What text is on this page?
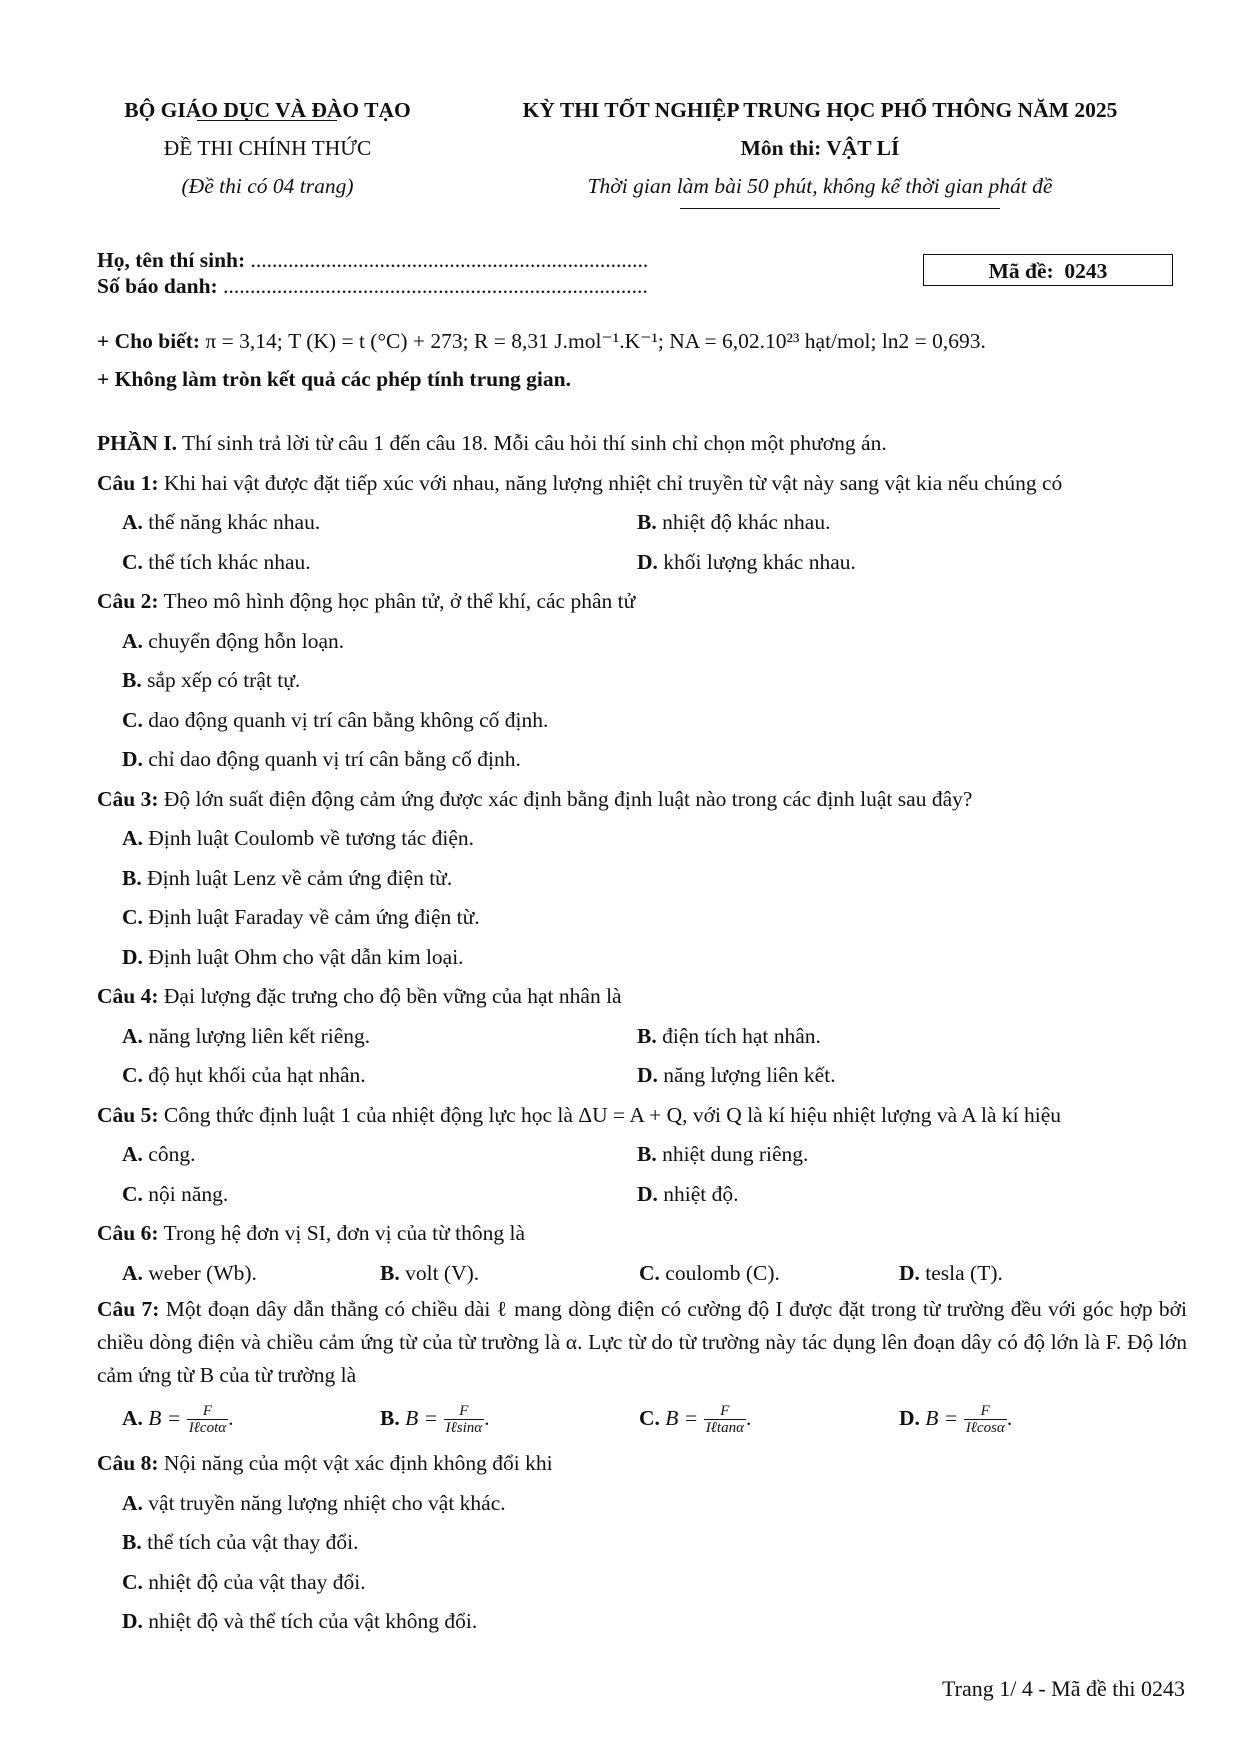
BỘ GIÁO DỤC VÀ ĐÀO TẠO
ĐỀ THI CHÍNH THỨC
(Đề thi có 04 trang)
KỲ THI TỐT NGHIỆP TRUNG HỌC PHỔ THÔNG NĂM 2025
Môn thi: VẬT LÍ
Thời gian làm bài 50 phút, không kể thời gian phát đề
Họ, tên thí sinh: ..........................................................................
Số báo danh: ...............................................................................
Mã đề: 0243
+ Cho biết: π = 3,14; T (K) = t (°C) + 273; R = 8,31 J.mol⁻¹.K⁻¹; NA = 6,02.10²³ hạt/mol; ln2 = 0,693.
+ Không làm tròn kết quả các phép tính trung gian.
PHẦN I. Thí sinh trả lời từ câu 1 đến câu 18. Mỗi câu hỏi thí sinh chỉ chọn một phương án.
Câu 1: Khi hai vật được đặt tiếp xúc với nhau, năng lượng nhiệt chỉ truyền từ vật này sang vật kia nếu chúng có
A. thế năng khác nhau.	B. nhiệt độ khác nhau.
C. thể tích khác nhau.	D. khối lượng khác nhau.
Câu 2: Theo mô hình động học phân tử, ở thể khí, các phân tử
A. chuyển động hỗn loạn.
B. sắp xếp có trật tự.
C. dao động quanh vị trí cân bằng không cố định.
D. chỉ dao động quanh vị trí cân bằng cố định.
Câu 3: Độ lớn suất điện động cảm ứng được xác định bằng định luật nào trong các định luật sau đây?
A. Định luật Coulomb về tương tác điện.
B. Định luật Lenz về cảm ứng điện từ.
C. Định luật Faraday về cảm ứng điện từ.
D. Định luật Ohm cho vật dẫn kim loại.
Câu 4: Đại lượng đặc trưng cho độ bền vững của hạt nhân là
A. năng lượng liên kết riêng.	B. điện tích hạt nhân.
C. độ hụt khối của hạt nhân.	D. năng lượng liên kết.
Câu 5: Công thức định luật 1 của nhiệt động lực học là ΔU = A + Q, với Q là kí hiệu nhiệt lượng và A là kí hiệu
A. công.	B. nhiệt dung riêng.
C. nội năng.	D. nhiệt độ.
Câu 6: Trong hệ đơn vị SI, đơn vị của từ thông là
A. weber (Wb).	B. volt (V).	C. coulomb (C).	D. tesla (T).
Câu 7: Một đoạn dây dẫn thẳng có chiều dài ℓ mang dòng điện có cường độ I được đặt trong từ trường đều với góc hợp bởi chiều dòng điện và chiều cảm ứng từ của từ trường là α. Lực từ do từ trường này tác dụng lên đoạn dây có độ lớn là F. Độ lớn cảm ứng từ B của từ trường là
A. $B = \frac{F}{\text{Iℓcotα}}$ .	B. $B = \frac{F}{\text{Iℓsinα}}$ .	C. $B = \frac{F}{\text{Iℓtanα}}$ .	D. $B = \frac{F}{\text{Iℓcosα}}$ .
Câu 8: Nội năng của một vật xác định không đổi khi
A. vật truyền năng lượng nhiệt cho vật khác.
B. thể tích của vật thay đổi.
C. nhiệt độ của vật thay đổi.
D. nhiệt độ và thể tích của vật không đổi.
Trang 1/ 4 - Mã đề thi 0243
